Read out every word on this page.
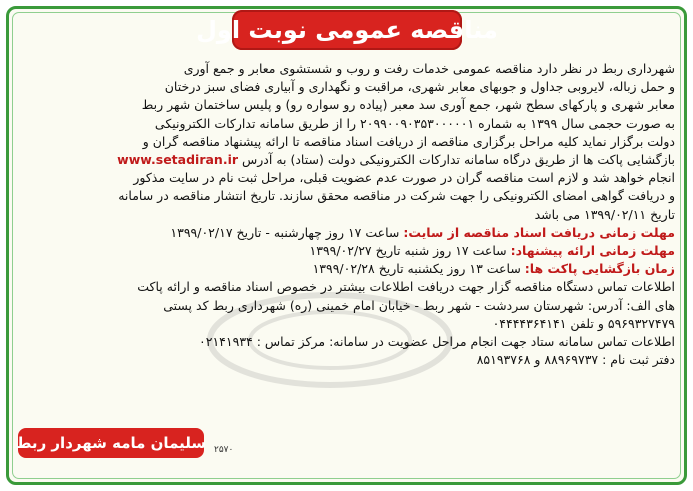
مناقصه عمومی نوبت اول
شهرداری ربط در نظر دارد مناقصه عمومی خدمات رفت و روب و شستشوی معابر و جمع آوری
و حمل زباله، لایروبی جداول و جوبهای معابر شهری، مراقبت و نگهداری و آبیاری فضای سبز درختان
معابر شهری و پارکهای سطح شهر، جمع آوری سد معبر (پیاده رو سواره رو) و پلیس ساختمان شهر ربط
به صورت حجمی سال ۱۳۹۹ به شماره ۲۰۹۹۰۰۹۰۳۵۳۰۰۰۰۰۱ را از طریق سامانه تدارکات الکترونیکی
دولت برگزار نماید کلیه مراحل برگزاری مناقصه از دریافت اسناد مناقصه تا ارائه پیشنهاد مناقصه گران و
بازگشایی پاکت ها از طریق درگاه سامانه تدارکات الکترونیکی دولت (ستاد) به آدرس www.setadiran.ir
انجام خواهد شد و لازم است مناقصه گران در صورت عدم عضویت قبلی، مراحل ثبت نام در سایت مذکور
و دریافت گواهی امضای الکترونیکی را جهت شرکت در مناقصه محقق سازند. تاریخ انتشار مناقصه در سامانه
تاریخ ۱۳۹۹/۰۲/۱۱ می باشد
مهلت زمانی دریافت اسناد مناقصه از سایت: ساعت ۱۷ روز چهارشنبه - تاریخ ۱۳۹۹/۰۲/۱۷
مهلت زمانی ارائه پیشنهاد: ساعت ۱۷ روز شنبه تاریخ ۱۳۹۹/۰۲/۲۷
زمان بازگشایی پاکت ها: ساعت ۱۳ روز یکشنبه تاریخ ۱۳۹۹/۰۲/۲۸
اطلاعات تماس دستگاه مناقصه گزار جهت دریافت اطلاعات بیشتر در خصوص اسناد مناقصه و ارائه پاکت
های الف: آدرس: شهرستان سردشت - شهر ربط - خیابان امام خمینی (ره) شهرداری ربط کد پستی
۵۹۶۹۳۲۷۴۷۹ و تلفن ۰۴۴۴۴۳۶۴۱۴۱
اطلاعات تماس سامانه ستاد جهت انجام مراحل عضویت در سامانه: مرکز تماس : ۰۲۱۴۱۹۳۴
دفتر ثبت نام : ۸۸۹۶۹۷۳۷ و ۸۵۱۹۳۷۶۸
سلیمان مامه شهردار ربط ۲۵۷۰
